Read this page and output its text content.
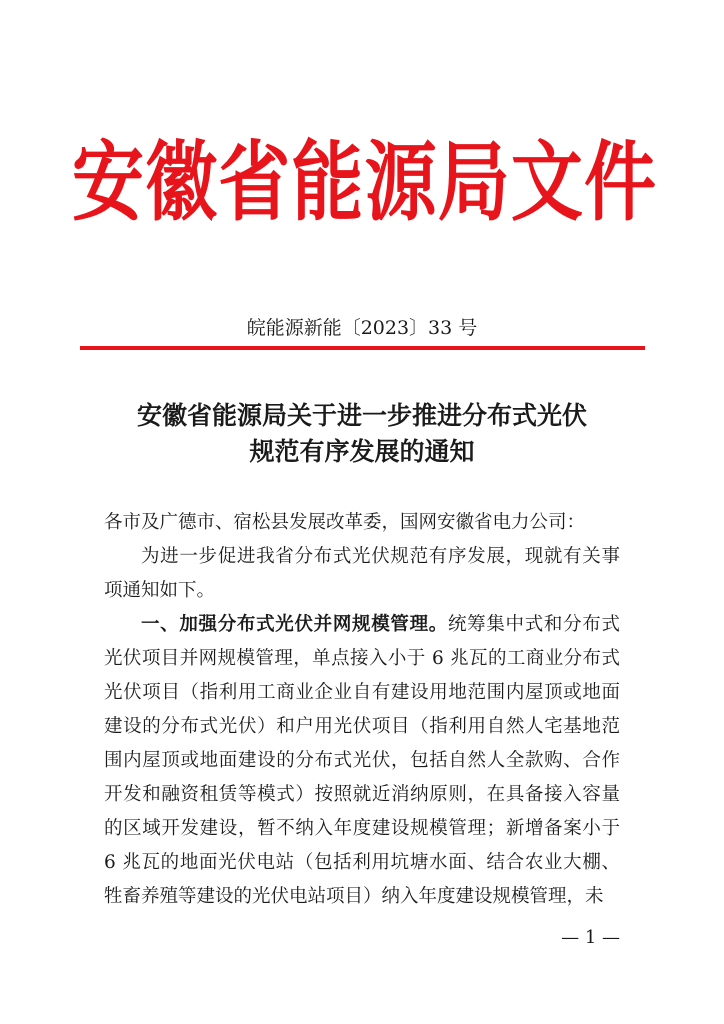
安 徽 省 能 源 局 文 件
皖能源新能〔2023〕33 号
安徽省能源局关于进一步推进分布式光伏
规范有序发展的通知

各市及广德市、宿松县发展改革委，国网安徽省电力公司：

为进一步促进我省分布式光伏规范有序发展，现就有关事项通知如下。

一、加强分布式光伏并网规模管理。统筹集中式和分布式光伏项目并网规模管理，单点接入小于 6 兆瓦的工商业分布式光伏项目（指利用工商业企业自有建设用地范围内屋顶或地面建设的分布式光伏）和户用光伏项目（指利用自然人宅基地范围内屋顶或地面建设的分布式光伏，包括自然人全款购、合作开发和融资租赁等模式）按照就近消纳原则，在具备接入容量的区域开发建设，暂不纳入年度建设规模管理；新增备案小于 6 兆瓦的地面光伏电站（包括利用坑塘水面、结合农业大棚、牲畜养殖等建设的光伏电站项目）纳入年度建设规模管理，未

— 1 —
